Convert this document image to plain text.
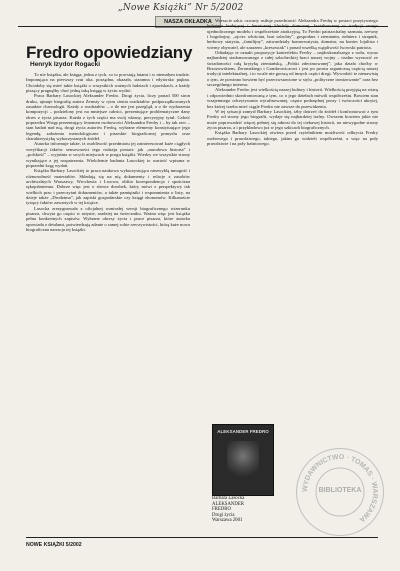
„Nowe Książki” Nr 5/2002
NASZA OKŁADKA
Fredro opowiedziany
Henryk Izydor Rogacki

To nie książka, ale księga, jedna z tych, co to powstają latami i w niemałym trudzie. Imponująca na pierwszy rzut oka, porządna, okazała, staranna i edytorsko piękna. Chciałoby się mieć takie książki o wszystkich ważnych ludziach i zjawiskach, a każdy piszący pragnąłby choć jedną taką księgę w życiu wydać.

Praca Barbary Lasockiej Aleksander Fredro. Drogi życia, liczy ponad 500 stron druku, ujmuje biografię autora Zemsty w rytm cienia rozdziałów podporządkowanych zasadzie chronologii. Każdy z rozdziałów – o ile nie jest przegląd, a o ile wydarzenia kompozycji – podzielony jest na mniejsze całości, prezentujące problematyczne dany okres z życia pisarza. Każda z tych części ma swój własny, precyzyjny tytuł. Całość poprzedza Wstęp prezentujący fenomen osobowości Aleksandra Fredry i – by tak rzec – stan badań nad nią, drogi życia autorów Fredrą, wybrane elementy konstytuujące jego legendę, założenia metodologiczne i pisarskie biograficznej pomysłu oraz charakterystykę wykorzystanych źródeł.

Autorka informuje także, iż osobliwość przedmiotu jej zainteresowań każe ciągłych weryfikacji faktów sensowności tego rodzaju postaci: jak „narodowa historia” i „polskość” – wyjaśnia w swych miejscach w progu książki. Wiedzy we wszystkie strony wynikające z jej rozpatrzenia. Wieloletnie badania Lasockiej to wartość wpisana w poprzedni krąg wydań.

Książka Barbary Lasockiej to praca naukowa wykorzystująca niezwykłą mnogość i różnorodność materiałów. Składają się na nią dokumenty i relacje z zasobów archiwalnych Warszawy, Wrocławia i Lwowa, obfita korespondencja i spuścizna rękopiśmienna. Dobrze więc jest o słowie dorobek, który mówi z perspektywy tak wielkich prac i przeczytań dokumentów, a także pamiętniki i wspomnienia o listy, na dzieje także „Drodzima”, jak zapiski gospodarskie czy księgi ekonomów. Kilkanaście tysięcy faktów zawartych w tej książce.

Lasocka zrezygnowała z oficjalnej wzniosłej wersji biograficznego wizerunku pisarza, chwyta go często w rutynie, rzadziej na świeczniku. Ważna więc jest książka pełna konkretnych zapisów. Wybrane okresy życia i prace pisarza, które autorka opowiada z detalami, potwierdzają zdanie o samej sobie rzeczywistości, którą każe nowa biograficzna narracja tej książki.

Wreszcie szkic czwarty usiłuje przedstawić Aleksandra Fredrę w postaci pozytywnego bohatera budującej i heroicznej klechdy domowej, kształtowanej w tradycji swego ujednoliconego modelu i współcześnie atrakcyjną. To Fredro patriarchalny sarmata, rzewny i bogobojny, „ojciec włościan, brat szlachty”, gospodarz i ziemianin, żołnierz i strapnik, herbowy statysta, „familijny”, zatwardziały konserwatysta, domator, na koniec lojalista i wierny obywatel, ale zarazem „kresowiak” i ponad wszelką wątpliwość lwowski patriota.

Odtadając te oznaki propozycje konterfektu Fredry – najdoskonalszego z rodu, wyraz najbardziej siadomowanego z całej szlacheckiej braci naszej wojny – trudno wyrzucić ze świadomości całą krytykę ziemiańską, „Polski zdecimowanej”, jaka działa choćby w Brzozowskiem, Żeromskiego i Gombrowiczowi i jest po prostu organiczną częścią naszej tradycji intelektualnej, i to wcale nie gorszą od innych części drogi. Wywodzić te nienawistę o tym, że powinno bowiem być przeciwstawione w stylu „polityczne ironizowanie” oraz bez szczególnego interesu.

Aleksander Fredro jest wielkością naszej kultury i historii. Wielkością przyjętą na wiarę i odpowiednio skonfrontowaną z tym, co o jego dziełach mówili współcześni. Bowiem stan wzajemnego odczytywania wyrafinowanej, często podrzędnej prozy i twórczości ukrytej, bez której trzeba mieć ciągle Fredro nie zawsze do przewidzenia.

W tej sytuacji zamysł Barbary Lasockiej, iżby dotrzeć do źródeł i konfrontować z tym Fredry od strony jego biografii, wydaje się najbardziej trafny. Owszem bowiem jakie nie może poprowadzić więcej pełniej się odnosi do tej ciekawej historii, na niewygodne strony życia pisarza, a i przykładowo już w jego szkicach biograficznych.

Książka Barbary Lasockiej otwiera przed czytelnikiem możliwość odkrycia Fredry osobowego i prawdziwego, takiego, jakim go widzieli współcześni, a więc na poły prawdziwie i na poły baśniowego.

ALEKSANDER FREDRO
Barbara Lasocka
ALEKSANDER
FREDRO
Drogi życia
Warszawa 2001
WYDAWNICTWO · TOMAS · WARSZAWA
BIBLIOTEKA
NOWE KSIĄŻKI 5/2002
